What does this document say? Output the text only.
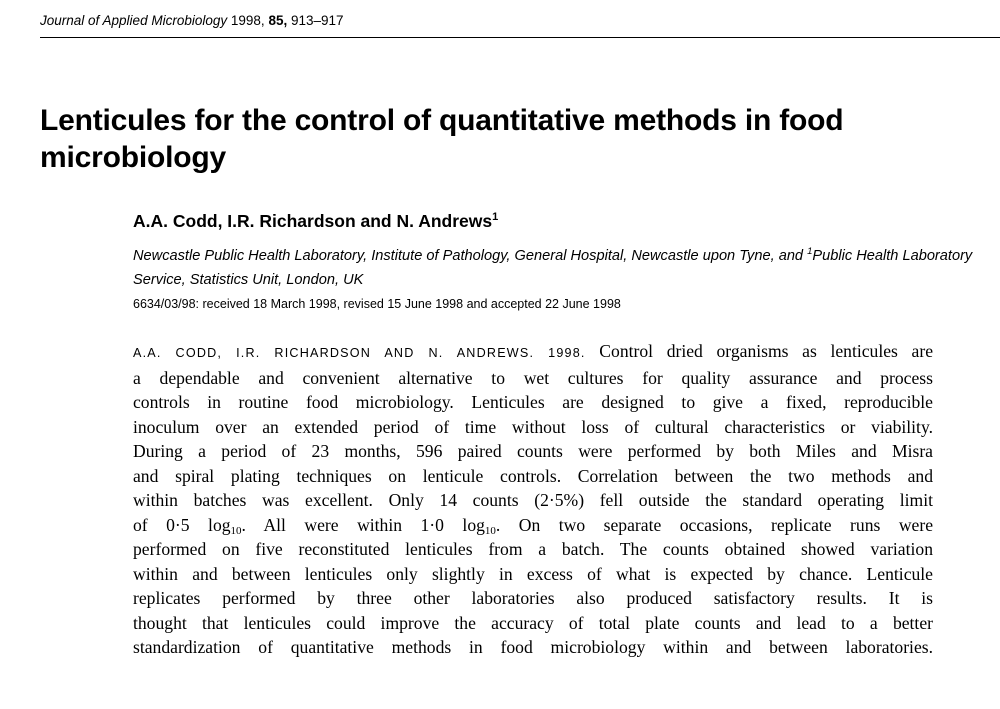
Journal of Applied Microbiology 1998, 85, 913–917
Lenticules for the control of quantitative methods in food microbiology
A.A. Codd, I.R. Richardson and N. Andrews$^1$
Newcastle Public Health Laboratory, Institute of Pathology, General Hospital, Newcastle upon Tyne, and $^1$Public Health Laboratory Service, Statistics Unit, London, UK
6634/03/98: received 18 March 1998, revised 15 June 1998 and accepted 22 June 1998
A.A. CODD, I.R. RICHARDSON AND N. ANDREWS. 1998. Control dried organisms as lenticules are
a dependable and convenient alternative to wet cultures for quality assurance and process
controls in routine food microbiology. Lenticules are designed to give a fixed, reproducible
inoculum over an extended period of time without loss of cultural characteristics or viability.
During a period of 23 months, 596 paired counts were performed by both Miles and Misra
and spiral plating techniques on lenticule controls. Correlation between the two methods and
within batches was excellent. Only 14 counts (2·5%) fell outside the standard operating limit
of 0·5 $\log_{10}$. All were within 1·0 $\log_{10}$. On two separate occasions, replicate runs were
performed on five reconstituted lenticules from a batch. The counts obtained showed variation
within and between lenticules only slightly in excess of what is expected by chance. Lenticule
replicates performed by three other laboratories also produced satisfactory results. It is
thought that lenticules could improve the accuracy of total plate counts and lead to a better
standardization of quantitative methods in food microbiology within and between laboratories.
